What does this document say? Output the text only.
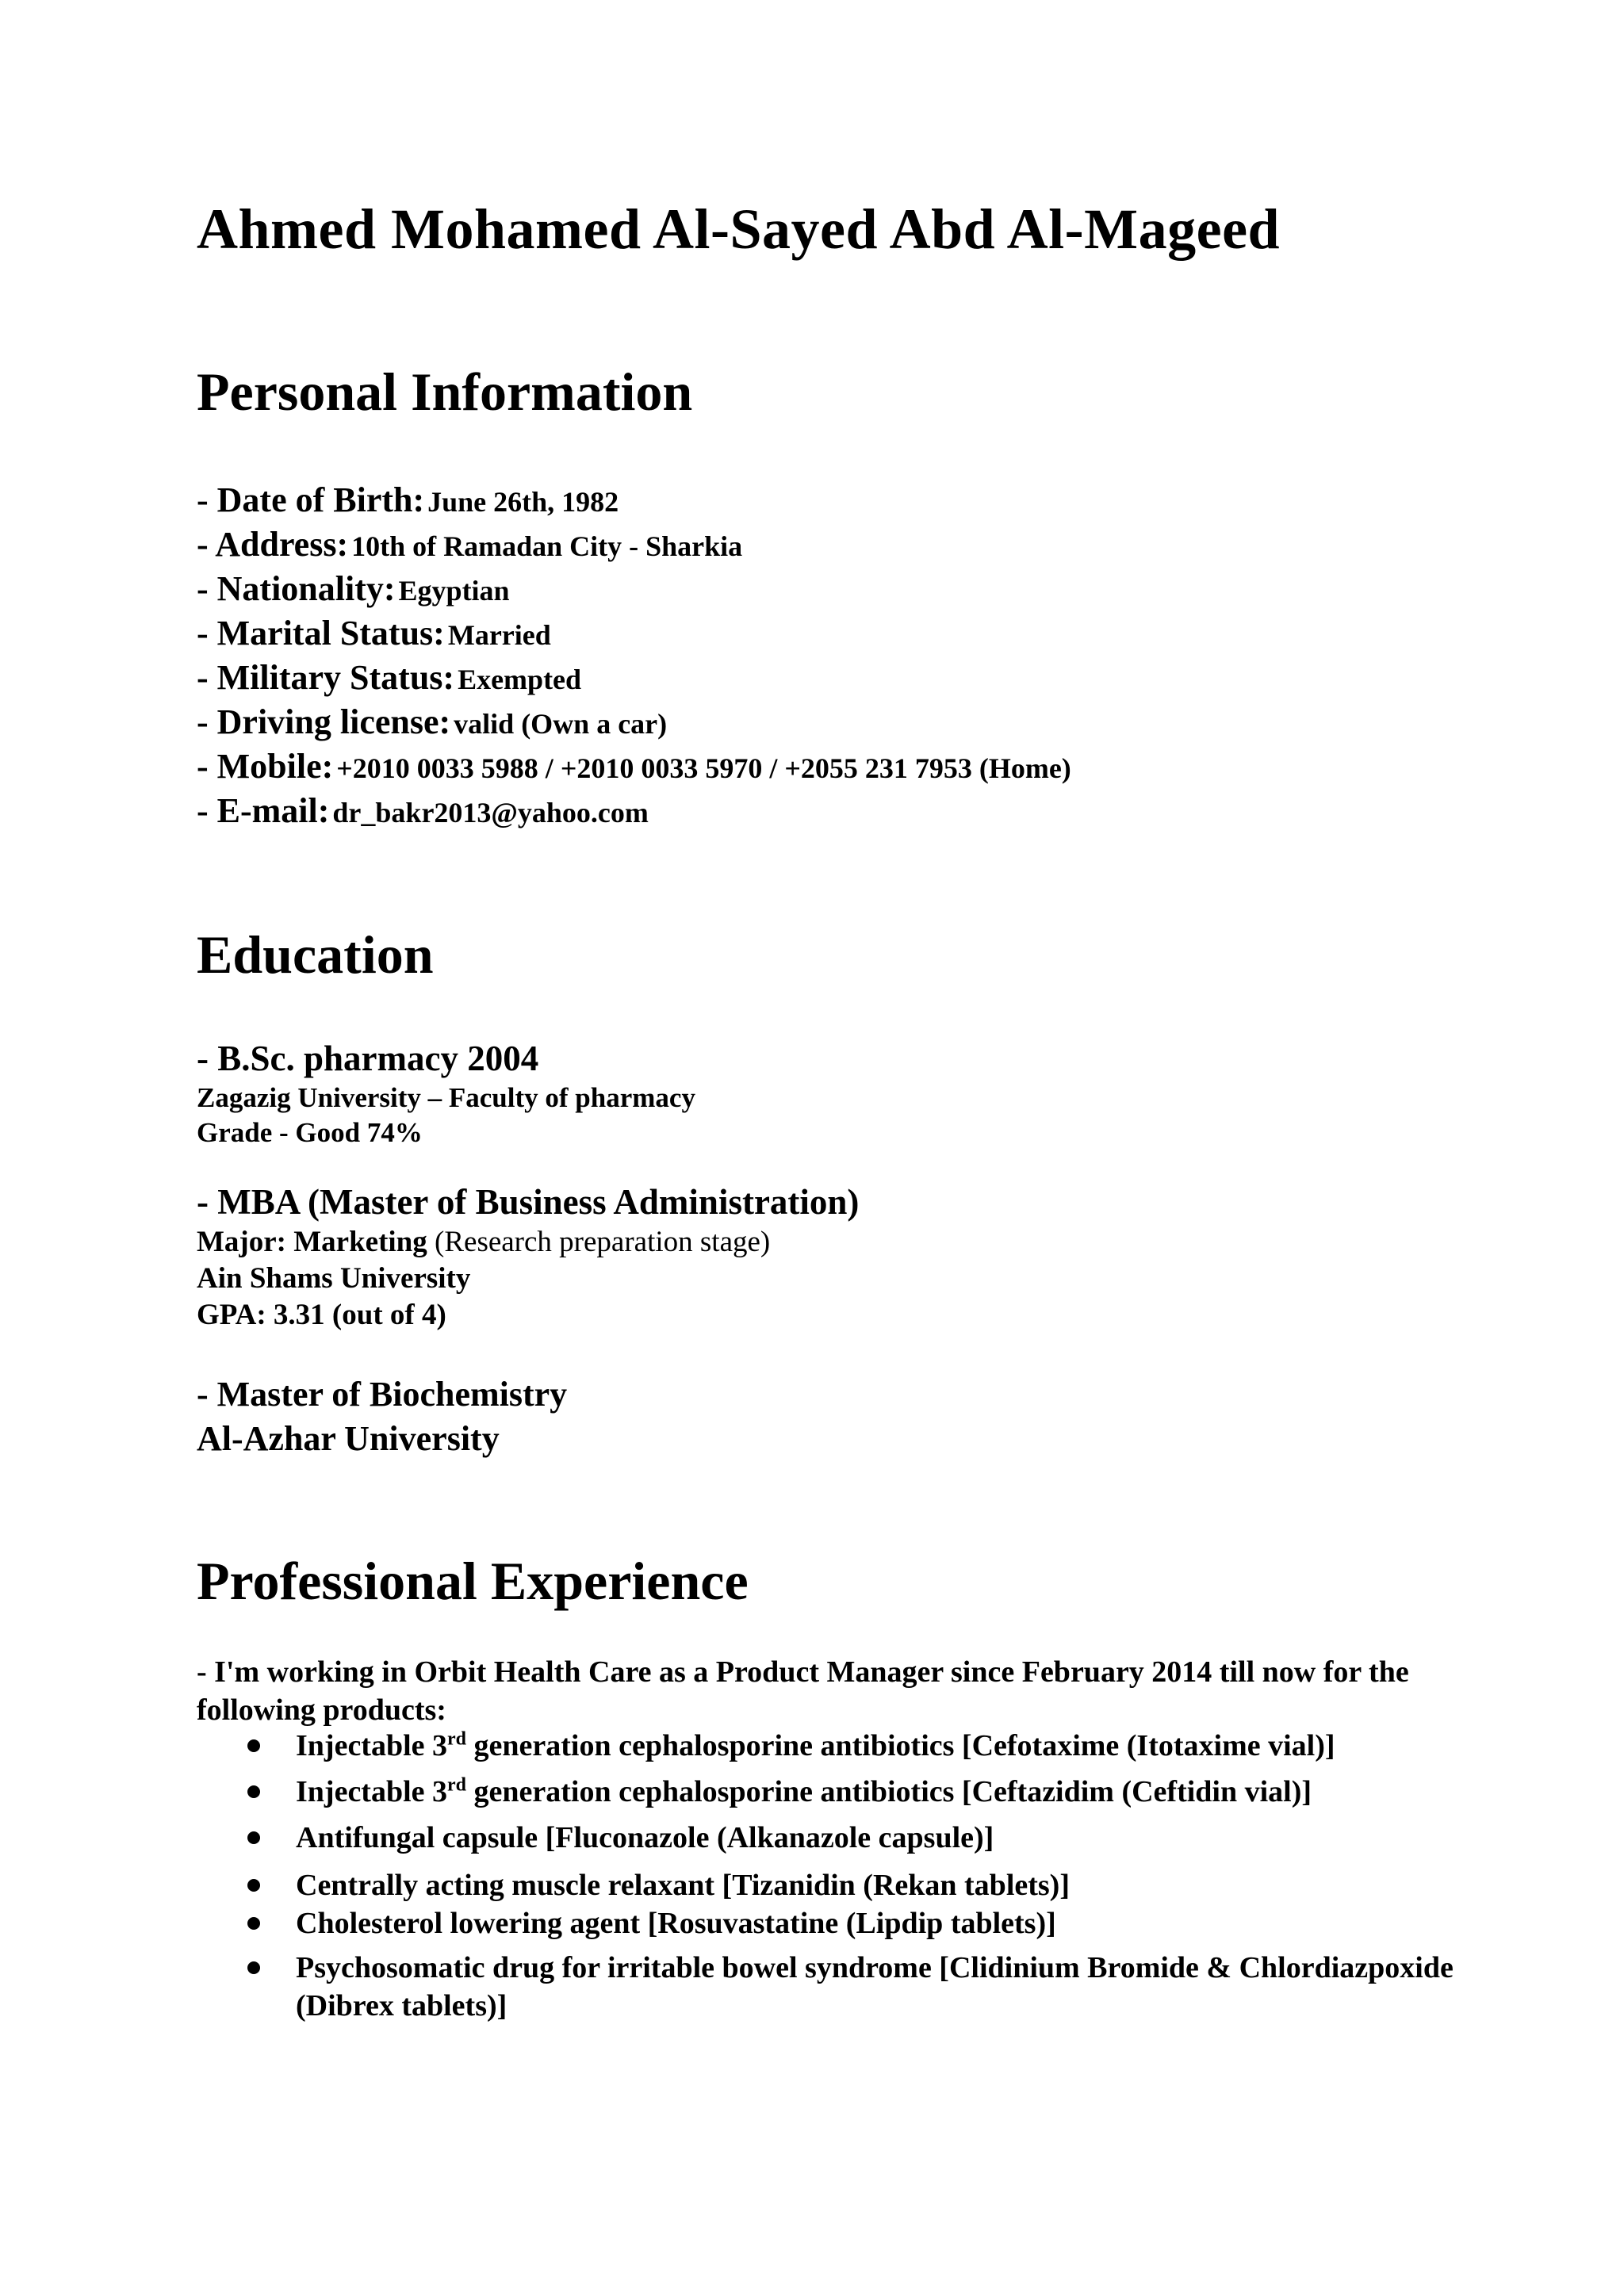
Ahmed Mohamed Al-Sayed Abd Al-Mageed
Personal Information
- Date of Birth: June 26th, 1982
- Address: 10th of Ramadan City - Sharkia
- Nationality: Egyptian
- Marital Status: Married
- Military Status: Exempted
- Driving license: valid (Own a car)
- Mobile: +2010 0033 5988 / +2010 0033 5970 / +2055 231 7953 (Home)
- E-mail: dr_bakr2013@yahoo.com
Education
- B.Sc. pharmacy 2004
Zagazig University – Faculty of pharmacy
Grade - Good 74%
- MBA (Master of Business Administration)
Major: Marketing (Research preparation stage)
Ain Shams University
GPA: 3.31 (out of 4)
- Master of Biochemistry
Al-Azhar University
Professional Experience
- I'm working in Orbit Health Care as a Product Manager since February 2014 till now for the following products:
Injectable 3rd generation cephalosporine antibiotics [Cefotaxime (Itotaxime vial)]
Injectable 3rd generation cephalosporine antibiotics [Ceftazidim (Ceftidin vial)]
Antifungal capsule [Fluconazole (Alkanazole capsule)]
Centrally acting muscle relaxant [Tizanidin (Rekan tablets)]
Cholesterol lowering agent [Rosuvastatine (Lipdip tablets)]
Psychosomatic drug for irritable bowel syndrome [Clidinium Bromide & Chlordiazpoxide (Dibrex tablets)]
